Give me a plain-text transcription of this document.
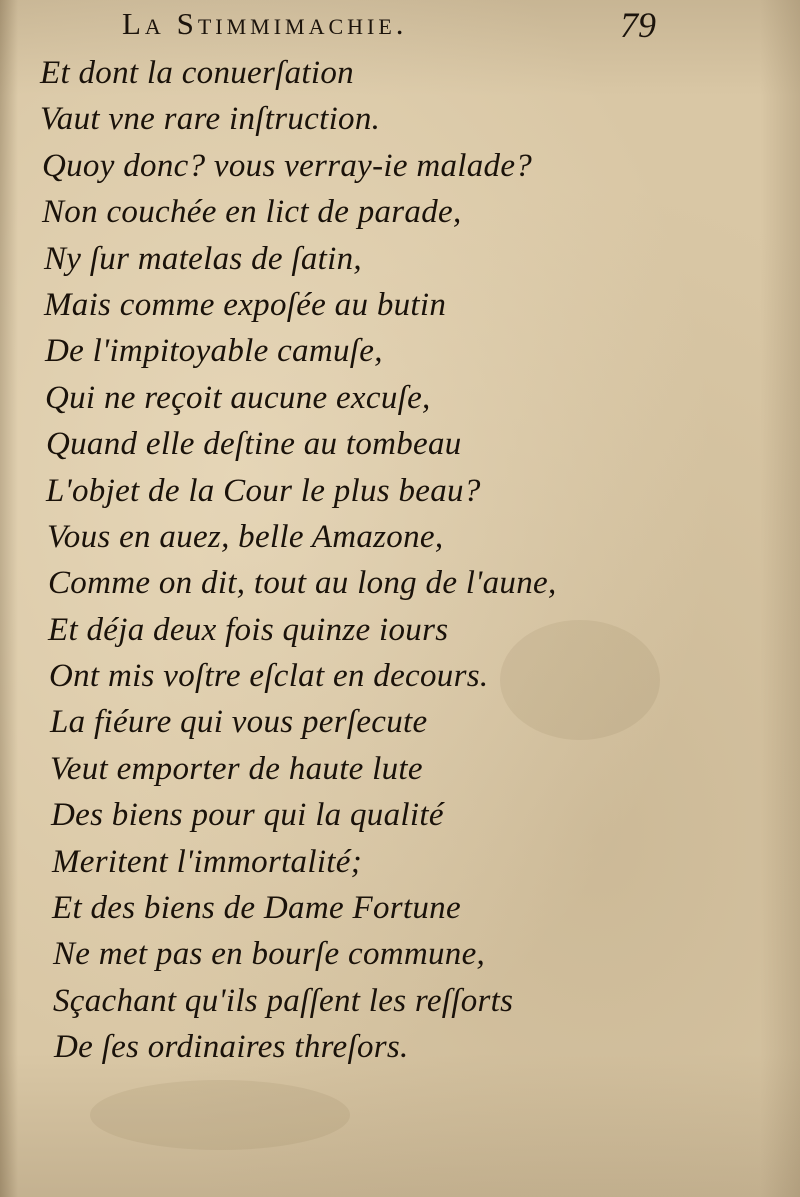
La Stimmimachie.	79
Et dont la conuerſation
Vaut vne rare inſtruction.
Quoy donc? vous verray-ie malade?
Non couchée en lict de parade,
Ny ſur matelas de ſatin,
Mais comme expoſée au butin
De l'impitoyable camuſe,
Qui ne reçoit aucune excuſe,
Quand elle deſtine au tombeau
L'objet de la Cour le plus beau?
Vous en auez, belle Amazone,
Comme on dit, tout au long de l'aune,
Et déja deux fois quinze iours
Ont mis voſtre eſclat en decours.
La fiéure qui vous perſecute
Veut emporter de haute lute
Des biens pour qui la qualité
Meritent l'immortalité;
Et des biens de Dame Fortune
Ne met pas en bourſe commune,
Sçachant qu'ils paſſent les reſſorts
De ſes ordinaires threſors.
